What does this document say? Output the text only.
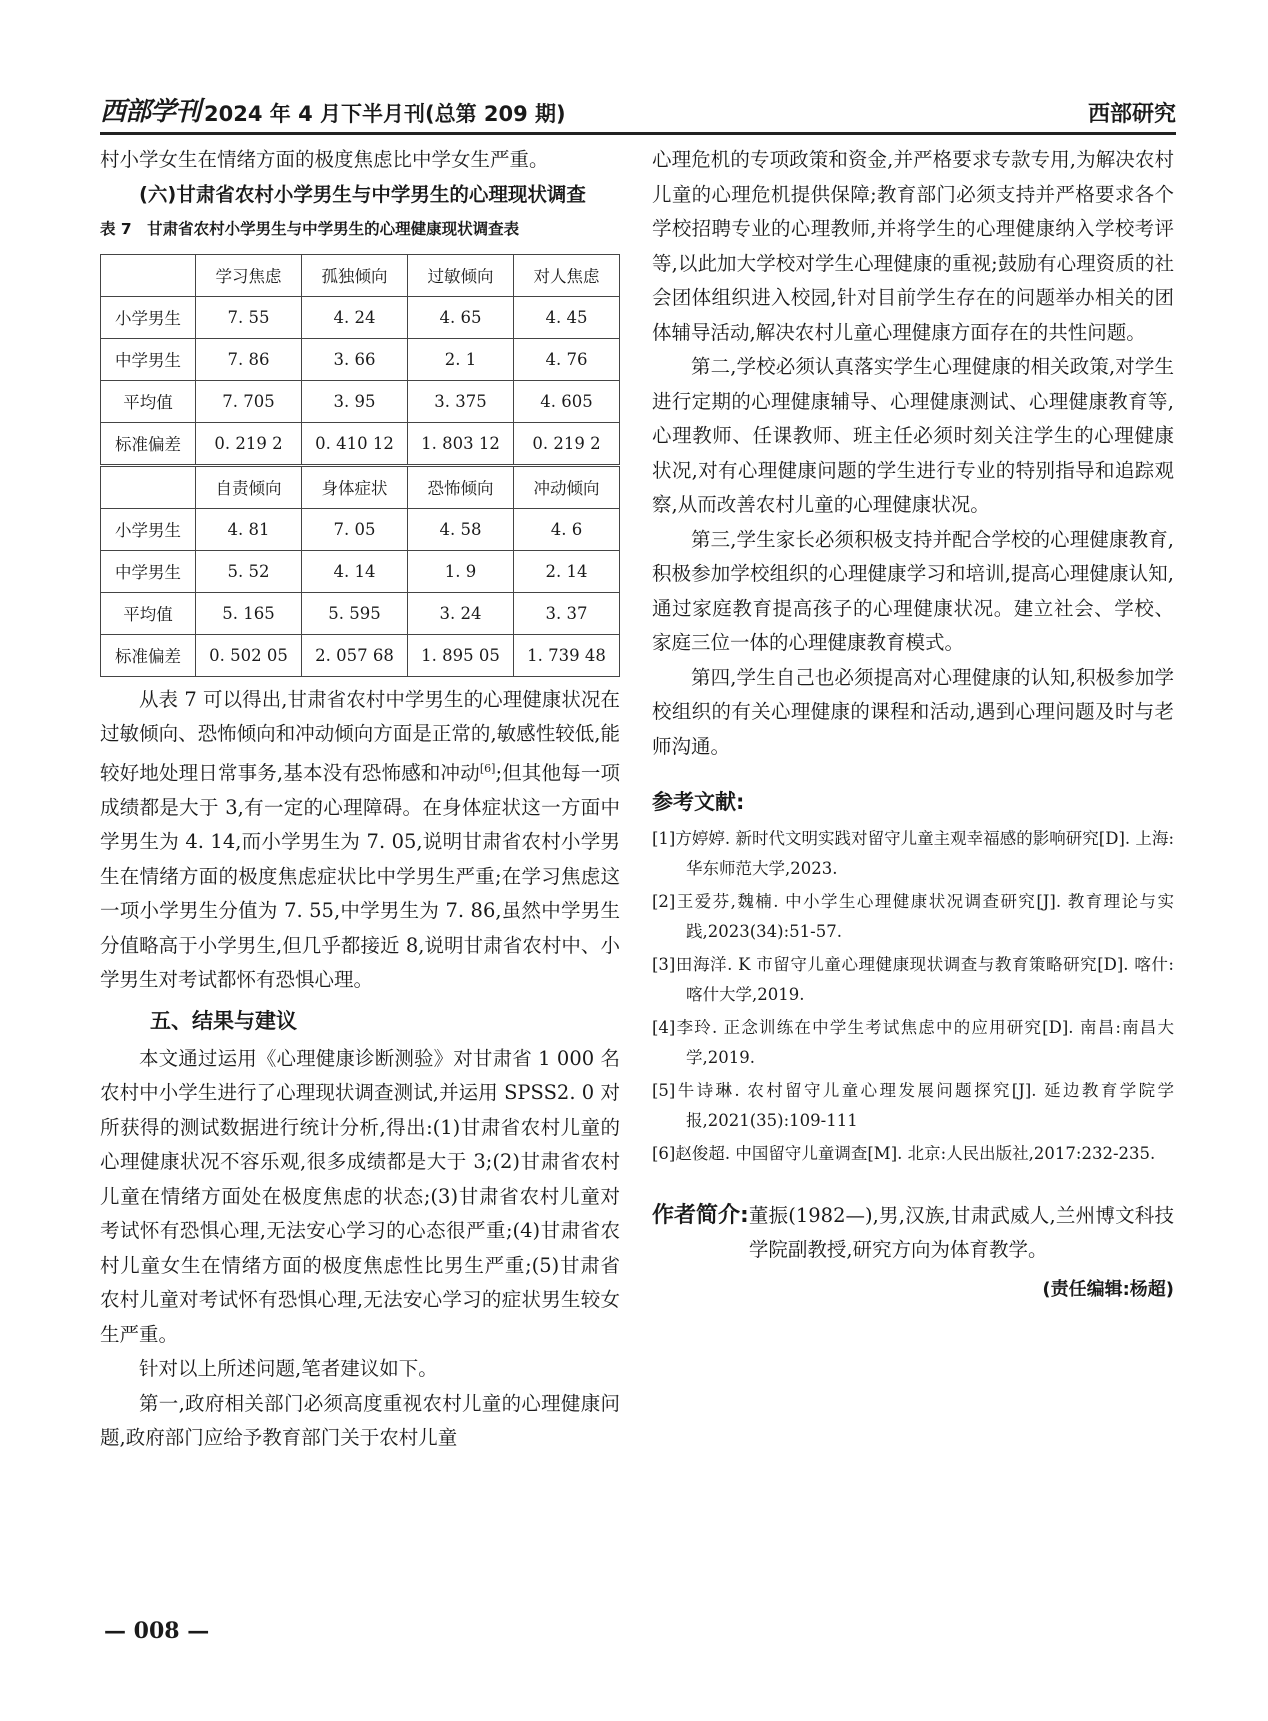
西部学刊 2024 年 4 月下半月刊(总第 209 期)	西部研究

村小学女生在情绪方面的极度焦虑比中学女生严重。

(六)甘肃省农村小学男生与中学男生的心理现状调查
表 7　甘肃省农村小学男生与中学男生的心理健康现状调查表
	学习焦虑	孤独倾向	过敏倾向	对人焦虑
小学男生	7. 55	4. 24	4. 65	4. 45
中学男生	7. 86	3. 66	2. 1	4. 76
平均值	7. 705	3. 95	3. 375	4. 605
标准偏差	0. 219 2	0. 410 12	1. 803 12	0. 219 2
	自责倾向	身体症状	恐怖倾向	冲动倾向
小学男生	4. 81	7. 05	4. 58	4. 6
中学男生	5. 52	4. 14	1. 9	2. 14
平均值	5. 165	5. 595	3. 24	3. 37
标准偏差	0. 502 05	2. 057 68	1. 895 05	1. 739 48

从表 7 可以得出,甘肃省农村中学男生的心理健康状况在过敏倾向、恐怖倾向和冲动倾向方面是正常的,敏感性较低,能较好地处理日常事务,基本没有恐怖感和冲动[6];但其他每一项成绩都是大于 3,有一定的心理障碍。在身体症状这一方面中学男生为 4. 14,而小学男生为 7. 05,说明甘肃省农村小学男生在情绪方面的极度焦虑症状比中学男生严重;在学习焦虑这一项小学男生分值为 7. 55,中学男生为 7. 86,虽然中学男生分值略高于小学男生,但几乎都接近 8,说明甘肃省农村中、小学男生对考试都怀有恐惧心理。

五、结果与建议

本文通过运用《心理健康诊断测验》对甘肃省 1 000 名农村中小学生进行了心理现状调查测试,并运用 SPSS2. 0 对所获得的测试数据进行统计分析,得出:(1)甘肃省农村儿童的心理健康状况不容乐观,很多成绩都是大于 3;(2)甘肃省农村儿童在情绪方面处在极度焦虑的状态;(3)甘肃省农村儿童对考试怀有恐惧心理,无法安心学习的心态很严重;(4)甘肃省农村儿童女生在情绪方面的极度焦虑性比男生严重;(5)甘肃省农村儿童对考试怀有恐惧心理,无法安心学习的症状男生较女生严重。

针对以上所述问题,笔者建议如下。

第一,政府相关部门必须高度重视农村儿童的心理健康问题,政府部门应给予教育部门关于农村儿童

心理危机的专项政策和资金,并严格要求专款专用,为解决农村儿童的心理危机提供保障;教育部门必须支持并严格要求各个学校招聘专业的心理教师,并将学生的心理健康纳入学校考评等,以此加大学校对学生心理健康的重视;鼓励有心理资质的社会团体组织进入校园,针对目前学生存在的问题举办相关的团体辅导活动,解决农村儿童心理健康方面存在的共性问题。

第二,学校必须认真落实学生心理健康的相关政策,对学生进行定期的心理健康辅导、心理健康测试、心理健康教育等,心理教师、任课教师、班主任必须时刻关注学生的心理健康状况,对有心理健康问题的学生进行专业的特别指导和追踪观察,从而改善农村儿童的心理健康状况。

第三,学生家长必须积极支持并配合学校的心理健康教育,积极参加学校组织的心理健康学习和培训,提高心理健康认知,通过家庭教育提高孩子的心理健康状况。建立社会、学校、家庭三位一体的心理健康教育模式。

第四,学生自己也必须提高对心理健康的认知,积极参加学校组织的有关心理健康的课程和活动,遇到心理问题及时与老师沟通。

参考文献:

[1]方婷婷. 新时代文明实践对留守儿童主观幸福感的影响研究[D]. 上海:华东师范大学,2023.

[2]王爱芬,魏楠. 中小学生心理健康状况调查研究[J]. 教育理论与实践,2023(34):51-57.

[3]田海洋. K 市留守儿童心理健康现状调查与教育策略研究[D]. 喀什:喀什大学,2019.

[4]李玲. 正念训练在中学生考试焦虑中的应用研究[D]. 南昌:南昌大学,2019.

[5]牛诗琳. 农村留守儿童心理发展问题探究[J]. 延边教育学院学报,2021(35):109-111

[6]赵俊超. 中国留守儿童调查[M]. 北京:人民出版社,2017:232-235.

作者简介: 董振(1982—),男,汉族,甘肃武威人,兰州博文科技学院副教授,研究方向为体育教学。
(责任编辑:杨超)
— 008 —
